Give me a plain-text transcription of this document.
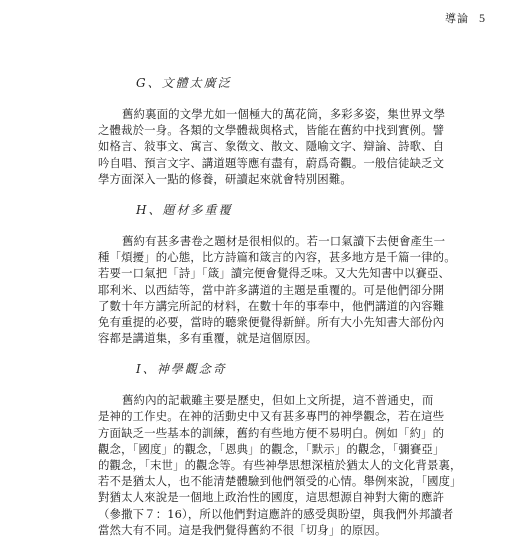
導論 5
G、文體太廣泛
舊約裏面的文學尤如一個極大的萬花筒，多彩多姿，集世界文學
之體裁於一身。各類的文學體裁與格式，皆能在舊約中找到實例。譬
如格言、敍事文、寓言、象徵文、散文、隱喻文字、辯論、詩歌、自
吟自唱、預言文字、講道題等應有盡有，蔚爲奇觀。一般信徒缺乏文
學方面深入一點的修養，研讀起來就會特別困難。
H、題材多重覆
舊約有甚多書卷之題材是很相似的。若一口氣讀下去便會產生一
種「煩擾」的心態，比方詩篇和箴言的內容，甚多地方是千篇一律的。
若要一口氣把「詩」「箴」讀完便會覺得乏味。又大先知書中以賽亞、
耶利米、以西結等，當中許多講道的主題是重覆的。可是他們卻分開
了數十年方講完所記的材料，在數十年的事奉中，他們講道的內容難
免有重提的必要，當時的聽衆便覺得新鮮。所有大小先知書大部份內
容都是講道集，多有重覆，就是這個原因。
I、神學觀念奇
舊約內的記載雖主要是歷史，但如上文所提，這不普通史，而
是神的工作史。在神的活動史中又有甚多專門的神學觀念，若在這些
方面缺乏一些基本的訓練，舊約有些地方便不易明白。例如「約」的
觀念，「國度」的觀念，「恩典」的觀念，「默示」的觀念，「彌賽亞」
的觀念，「末世」的觀念等。有些神學思想深植於猶太人的文化背景裏，
若不是猶太人，也不能清楚體驗到他們領受的心情。舉例來說，「國度」
對猶太人來說是一個地上政治性的國度，這思想源自神對大衛的應許
（參撒下７：16），所以他們對這應許的感受與盼望，與我們外邦讀者
當然大有不同。這是我們覺得舊約不很「切身」的原因。
